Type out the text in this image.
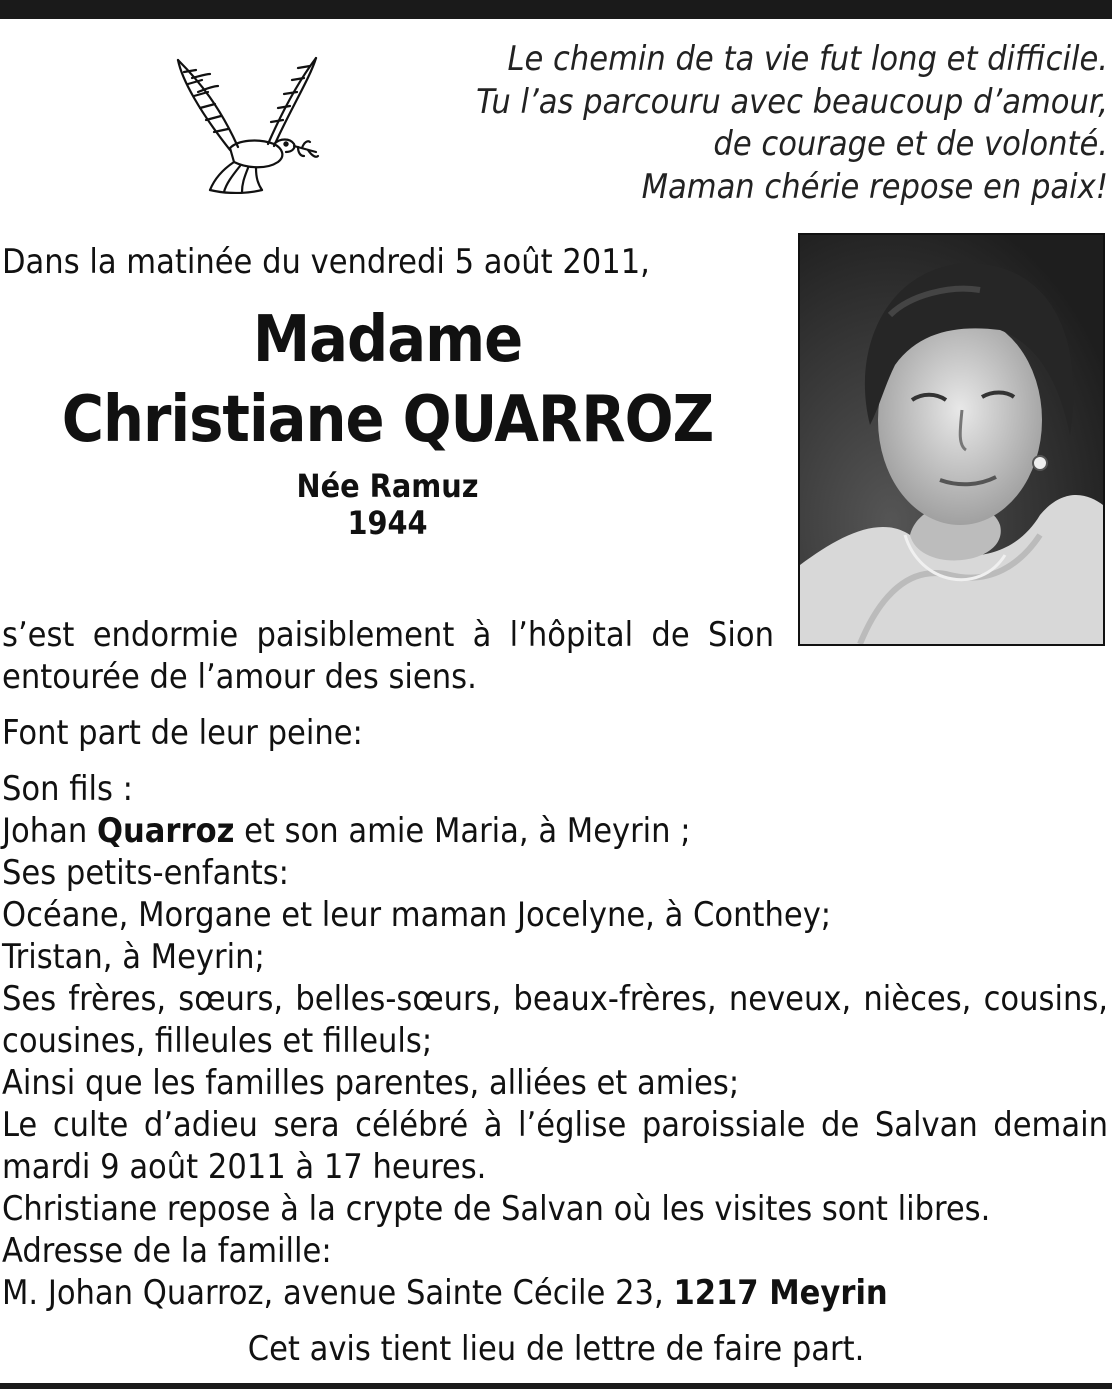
Le chemin de ta vie fut long et difficile.
Tu l’as parcouru avec beaucoup d’amour,
de courage et de volonté.
Maman chérie repose en paix!
Dans la matinée du vendredi 5 août 2011,
Madame
Christiane QUARROZ
Née Ramuz
1944
s’est endormie paisiblement à l’hôpital de Sion
entourée de l’amour des siens.
Font part de leur peine:
Son fils :
Johan Quarroz et son amie Maria, à Meyrin ;
Ses petits-enfants:
Océane, Morgane et leur maman Jocelyne, à Conthey;
Tristan, à Meyrin;
Ses frères, sœurs, belles-sœurs, beaux-frères, neveux, nièces, cousins,
cousines, filleules et filleuls;
Ainsi que les familles parentes, alliées et amies;
Le culte d’adieu sera célébré à l’église paroissiale de Salvan demain
mardi 9 août 2011 à 17 heures.
Christiane repose à la crypte de Salvan où les visites sont libres.
Adresse de la famille:
M. Johan Quarroz, avenue Sainte Cécile 23, 1217 Meyrin
Cet avis tient lieu de lettre de faire part.
